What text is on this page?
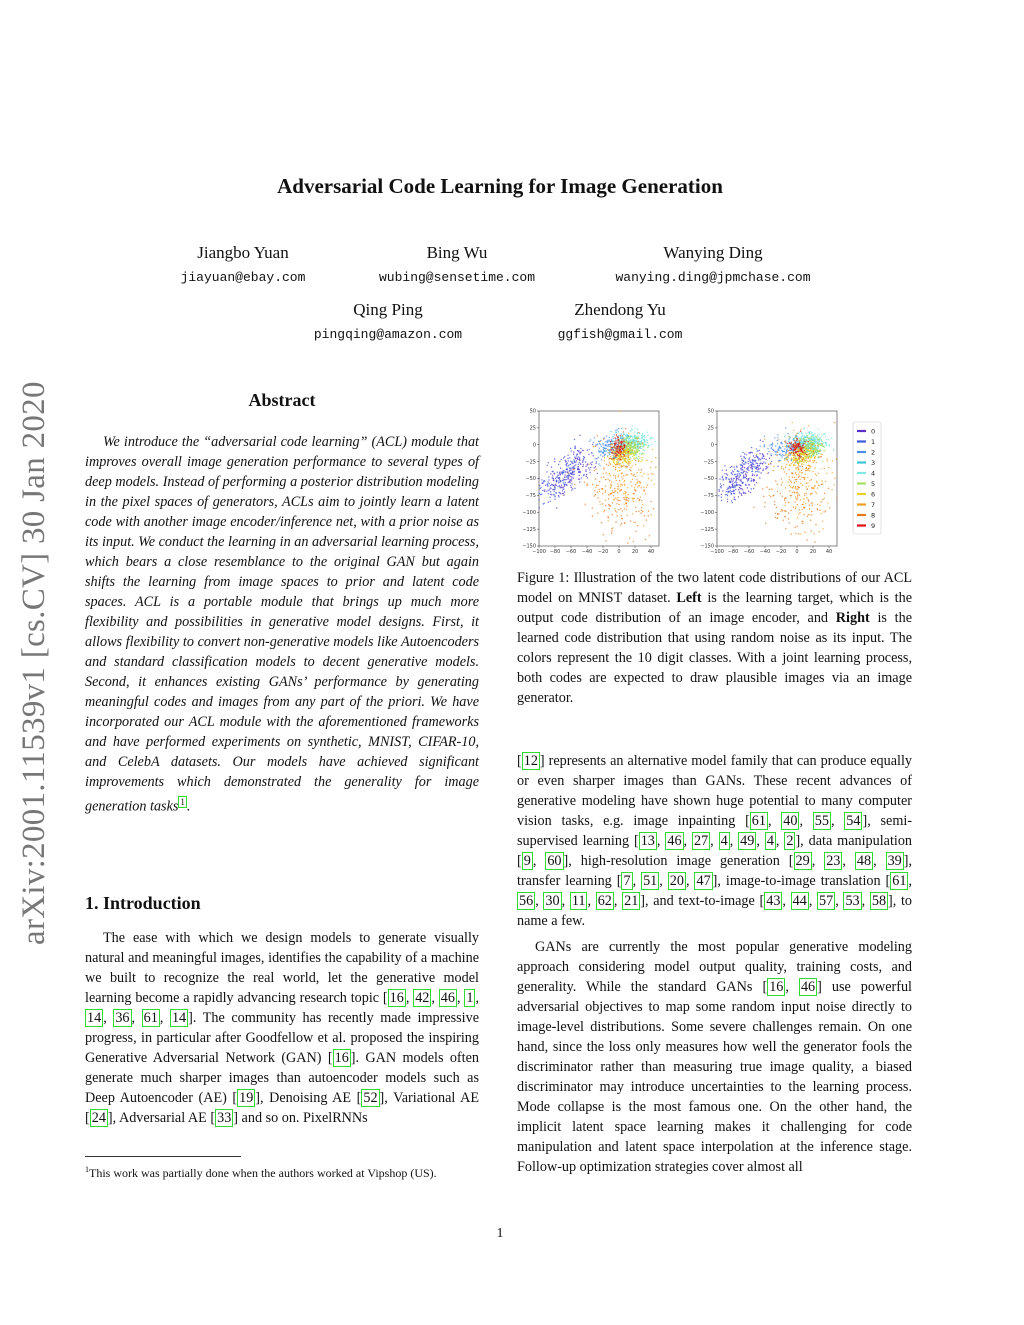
arXiv:2001.11539v1 [cs.CV] 30 Jan 2020
Adversarial Code Learning for Image Generation
Jiangbo Yuan
jiayuan@ebay.com
Bing Wu
wubing@sensetime.com
Wanying Ding
wanying.ding@jpmchase.com
Qing Ping
pingqing@amazon.com
Zhendong Yu
ggfish@gmail.com
Abstract
We introduce the “adversarial code learning” (ACL) module that improves overall image generation performance to several types of deep models. Instead of performing a posterior distribution modeling in the pixel spaces of generators, ACLs aim to jointly learn a latent code with another image encoder/inference net, with a prior noise as its input. We conduct the learning in an adversarial learning process, which bears a close resemblance to the original GAN but again shifts the learning from image spaces to prior and latent code spaces. ACL is a portable module that brings up much more flexibility and possibilities in generative model designs. First, it allows flexibility to convert non-generative models like Autoencoders and standard classification models to decent generative models. Second, it enhances existing GANs’ performance by generating meaningful codes and images from any part of the priori. We have incorporated our ACL module with the aforementioned frameworks and have performed experiments on synthetic, MNIST, CIFAR-10, and CelebA datasets. Our models have achieved significant improvements which demonstrated the generality for image generation tasks $^1$ .
1. Introduction

The ease with which we design models to generate visually natural and meaningful images, identifies the capability of a machine we built to recognize the real world, let the generative model learning become a rapidly advancing research topic [ 16 , 42 , 46 , 1 , 14 , 36 , 61 , 14 ]. The community has recently made impressive progress, in particular after Goodfellow et al. proposed the inspiring Generative Adversarial Network (GAN) [ 16 ]. GAN models often generate much sharper images than autoencoder models such as Deep Autoencoder (AE) [ 19 ], Denoising AE [ 52 ], Variational AE [ 24 ], Adversarial AE [ 33 ] and so on. PixelRNNs

$^1$This work was partially done when the authors worked at Vipshop (US).
−100 −80 −60 −40 −20 0 20 40
50
25
0
−25
−50
−75
−100
−125
−150
−100 −80 −60 −40 −20 0 20 40
50
25
0
−25
−50
−75
−100
−125
−150
0
1
2
3
4
5
6
7
8
9
Figure 1: Illustration of the two latent code distributions of our ACL model on MNIST dataset. Left is the learning target, which is the output code distribution of an image encoder, and Right is the learned code distribution that using random noise as its input. The colors represent the 10 digit classes. With a joint learning process, both codes are expected to draw plausible images via an image generator.

[ 12 ] represents an alternative model family that can produce equally or even sharper images than GANs. These recent advances of generative modeling have shown huge potential to many computer vision tasks, e.g. image inpainting [ 61 , 40 , 55 , 54 ], semi-supervised learning [ 13 , 46 , 27 , 4 , 49 , 4 , 2 ], data manipulation [ 9 , 60 ], high-resolution image generation [ 29 , 23 , 48 , 39 ], transfer learning [ 7 , 51 , 20 , 47 ], image-to-image translation [ 61 , 56 , 30 , 11 , 62 , 21 ], and text-to-image [ 43 , 44 , 57 , 53 , 58 ], to name a few.

GANs are currently the most popular generative modeling approach considering model output quality, training costs, and generality. While the standard GANs [ 16 , 46 ] use powerful adversarial objectives to map some random input noise directly to image-level distributions. Some severe challenges remain. On one hand, since the loss only measures how well the generator fools the discriminator rather than measuring true image quality, a biased discriminator may introduce uncertainties to the learning process. Mode collapse is the most famous one. On the other hand, the implicit latent space learning makes it challenging for code manipulation and latent space interpolation at the inference stage. Follow-up optimization strategies cover almost all

1
